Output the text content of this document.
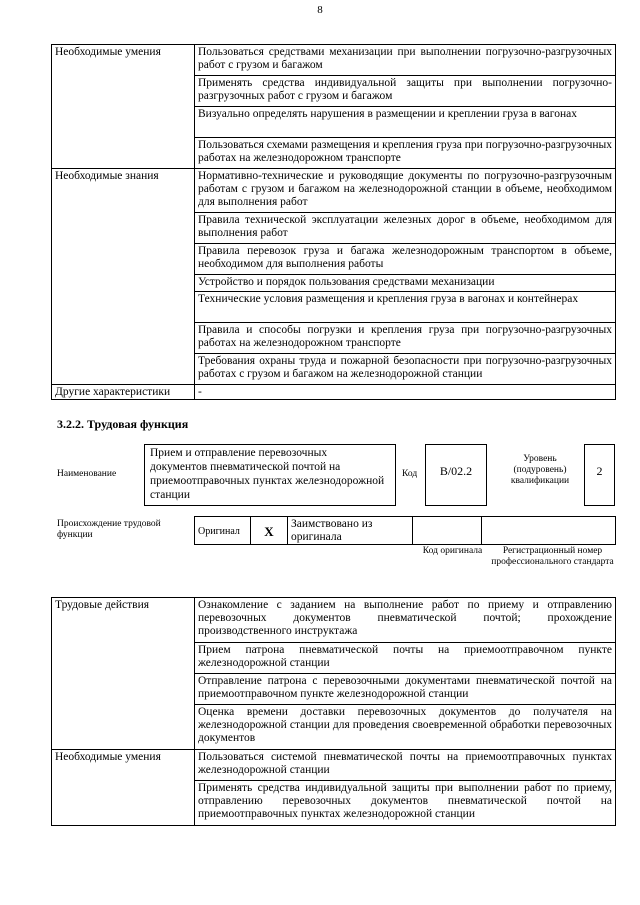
8
Необходимые умения	Пользоваться средствами механизации при выполнении погрузочно-разгрузочных работ с грузом и багажом
	Применять средства индивидуальной защиты при выполнении погрузочно-разгрузочных работ с грузом и багажом
	Визуально определять нарушения в размещении и креплении груза в вагонах
	Пользоваться схемами размещения и крепления груза при погрузочно-разгрузочных работах на железнодорожном транспорте
Необходимые знания	Нормативно-технические и руководящие документы по погрузочно-разгрузочным работам с грузом и багажом на железнодорожной станции в объеме, необходимом для выполнения работ
	Правила технической эксплуатации железных дорог в объеме, необходимом для выполнения работ
	Правила перевозок груза и багажа железнодорожным транспортом в объеме, необходимом для выполнения работы
	Устройство и порядок пользования средствами механизации
	Технические условия размещения и крепления груза в вагонах и контейнерах
	Правила и способы погрузки и крепления груза при погрузочно-разгрузочных работах на железнодорожном транспорте
	Требования охраны труда и пожарной безопасности при погрузочно-разгрузочных работах с грузом и багажом на железнодорожной станции
Другие характеристики	-
3.2.2. Трудовая функция
Наименование
Прием и отправление перевозочных документов пневматической почтой на приемоотправочных пунктах железнодорожной станции
Код	В/02.2
Уровень (подуровень) квалификации
2
Происхождение трудовой функции	Оригинал	X	Заимствовано из оригинала		
Код оригинала	Регистрационный номер профессионального стандарта
Трудовые действия	Ознакомление с заданием на выполнение работ по приему и отправлению перевозочных документов пневматической почтой; прохождение производственного инструктажа
	Прием патрона пневматической почты на приемоотправочном пункте железнодорожной станции
	Отправление патрона с перевозочными документами пневматической почтой на приемоотправочном пункте железнодорожной станции
	Оценка времени доставки перевозочных документов до получателя на железнодорожной станции для проведения своевременной обработки перевозочных документов
Необходимые умения	Пользоваться системой пневматической почты на приемоотправочных пунктах железнодорожной станции
	Применять средства индивидуальной защиты при выполнении работ по приему, отправлению перевозочных документов пневматической почтой на приемоотправочных пунктах железнодорожной станции
